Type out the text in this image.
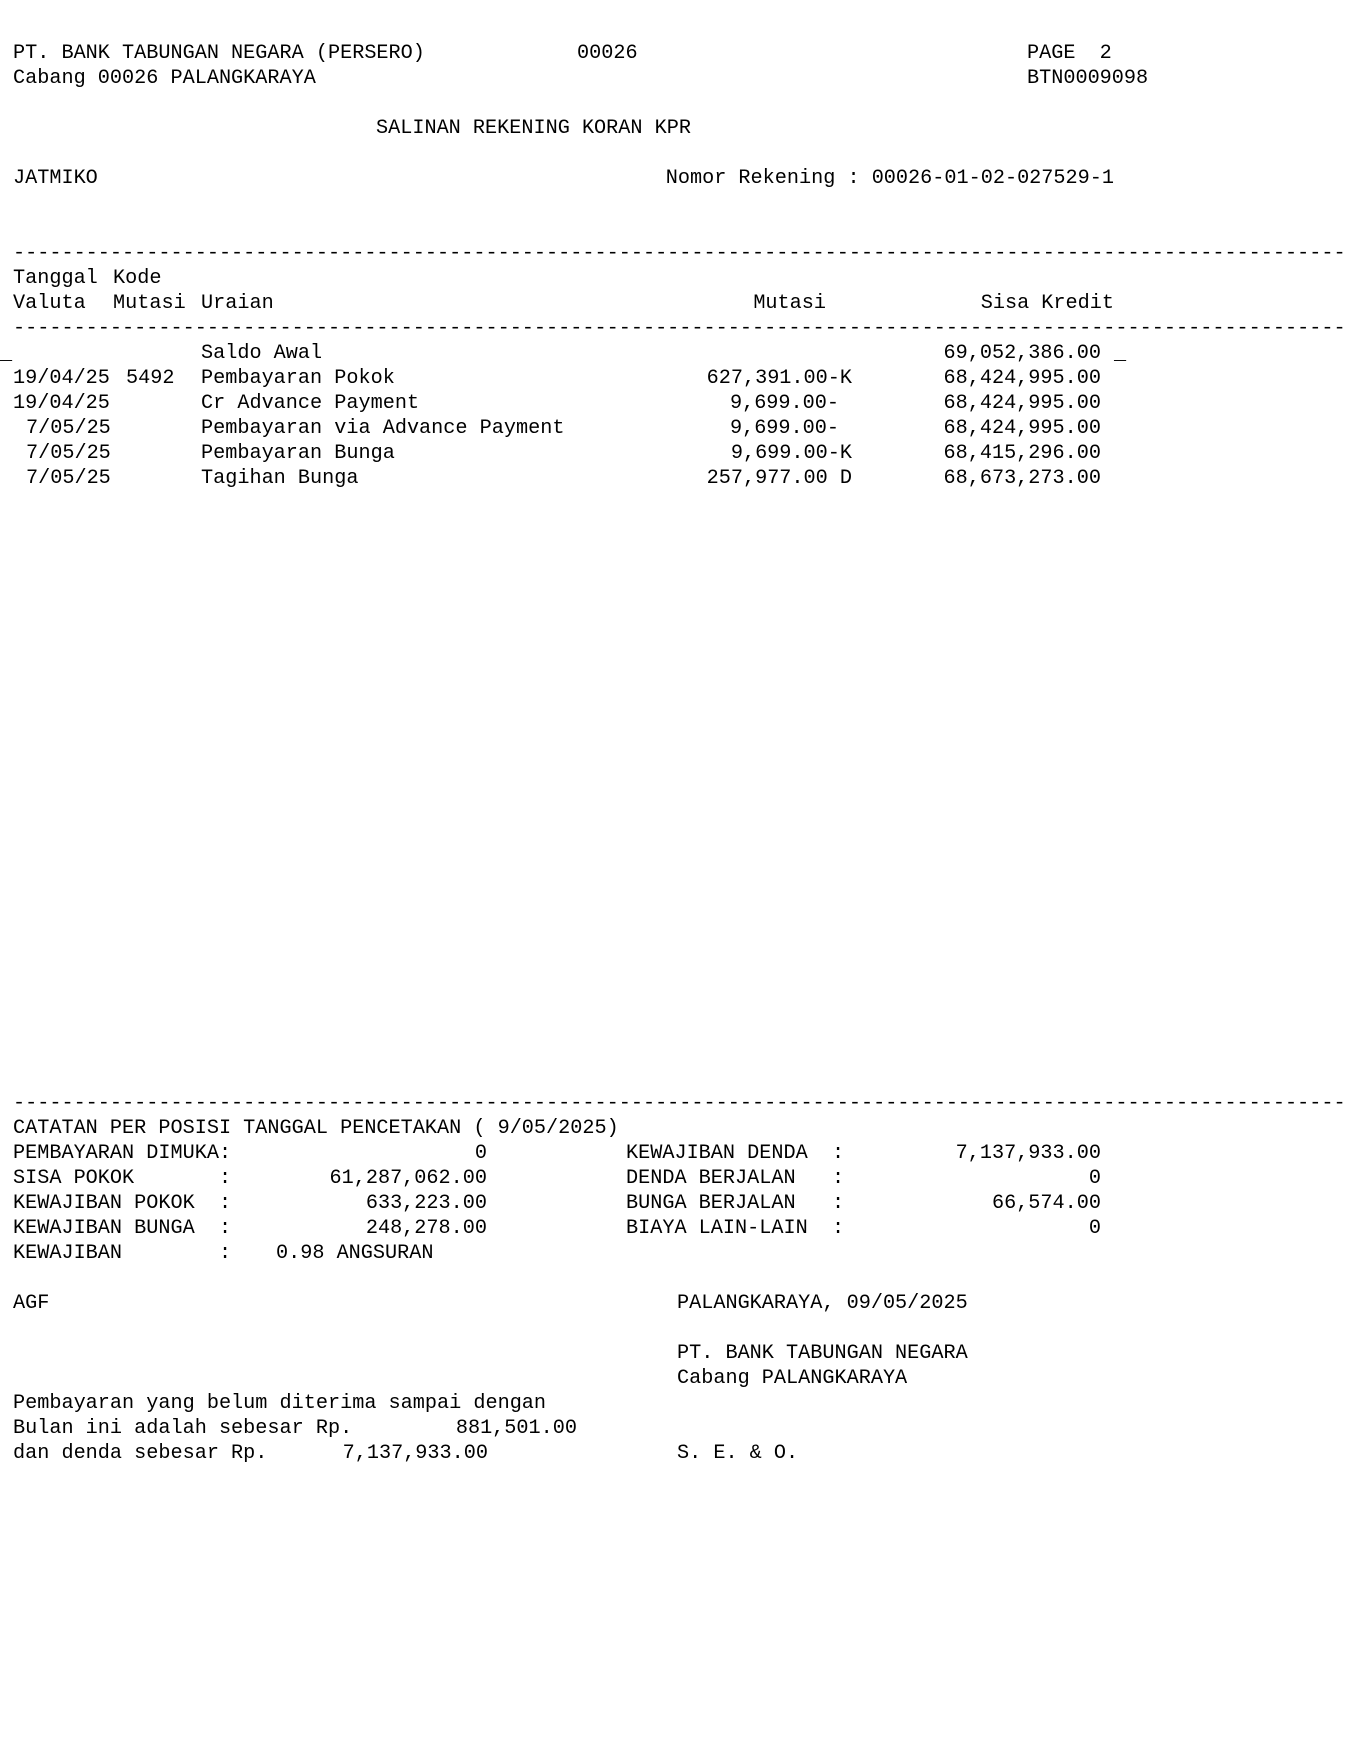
PT. BANK TABUNGAN NEGARA (PERSERO)	00026	PAGE  2
Cabang 00026 PALANGKARAYA	BTN0009098
SALINAN REKENING KORAN KPR
JATMIKO	Nomor Rekening : 00026-01-02-027529-1
--------------------------------------------------------------------------------------------------------------
Tanggal Kode
Valuta Mutasi Uraian	Mutasi	Sisa Kredit
--------------------------------------------------------------------------------------------------------------
_	_
Saldo Awal	69,052,386.00
19/04/25 5492 Pembayaran Pokok	627,391.00-K	68,424,995.00
19/04/25	Cr Advance Payment	9,699.00-	68,424,995.00
7/05/25	Pembayaran via Advance Payment	9,699.00-	68,424,995.00
7/05/25	Pembayaran Bunga	9,699.00-K	68,415,296.00
7/05/25	Tagihan Bunga	257,977.00 D	68,673,273.00
--------------------------------------------------------------------------------------------------------------
CATATAN PER POSISI TANGGAL PENCETAKAN ( 9/05/2025)
PEMBAYARAN DIMUKA:	0
SISA POKOK       :	61,287,062.00
KEWAJIBAN POKOK  :	633,223.00
KEWAJIBAN BUNGA  :	248,278.00
KEWAJIBAN        : 0.98 ANGSURAN
KEWAJIBAN DENDA  :	7,137,933.00
DENDA BERJALAN   :	0
BUNGA BERJALAN   :	66,574.00
BIAYA LAIN-LAIN  :	0
AGF	PALANGKARAYA, 09/05/2025
PT. BANK TABUNGAN NEGARA
Cabang PALANGKARAYA
Pembayaran yang belum diterima sampai dengan
Bulan ini adalah sebesar Rp.	881,501.00
dan denda sebesar Rp.	7,137,933.00	S. E. & O.
